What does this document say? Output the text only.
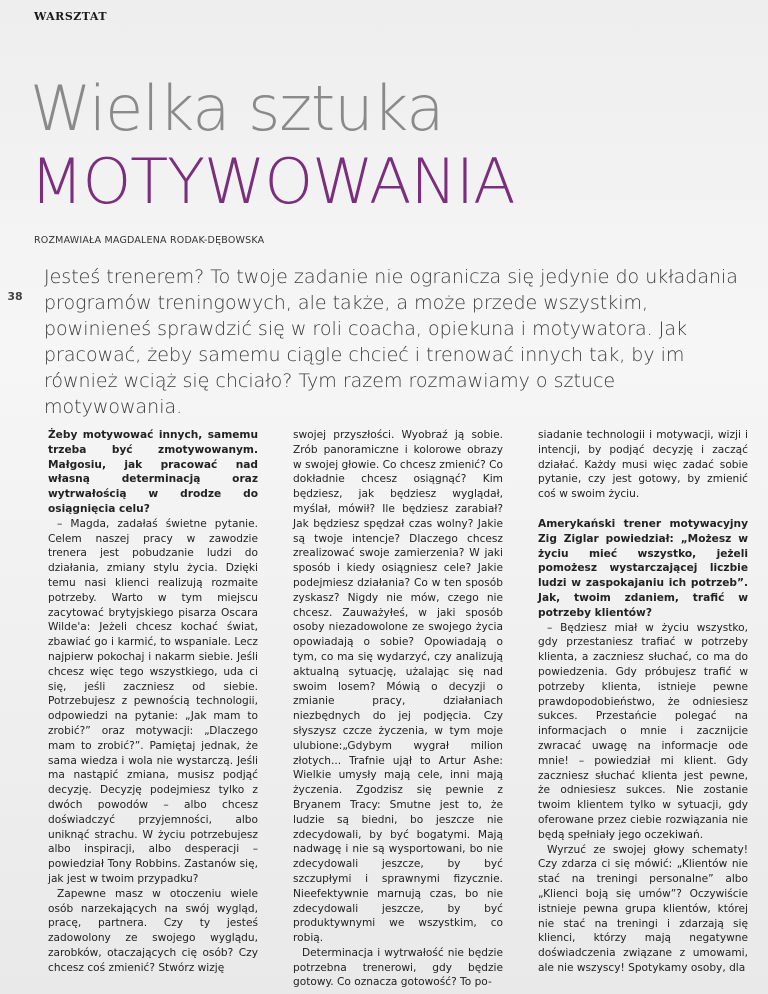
WARSZTAT
Wielka sztuka
MOTYWOWANIA
ROZMAWIAŁA MAGDALENA RODAK-DĘBOWSKA
38

Jesteś trenerem? To twoje zadanie nie ogranicza się jedynie do układania programów treningowych, ale także, a może przede wszystkim, powinieneś sprawdzić się w roli coacha, opiekuna i motywatora. Jak pracować, żeby samemu ciągle chcieć i trenować innych tak, by im również wciąż się chciało? Tym razem rozmawiamy o sztuce motywowania.

Żeby motywować innych, samemu trzeba być zmotywowanym. Małgosiu, jak pracować nad własną determinacją oraz wytrwałością w drodze do osiągnięcia celu?

– Magda, zadałaś świetne pytanie. Celem naszej pracy w zawodzie trenera jest pobudzanie ludzi do działania, zmiany stylu życia. Dzięki temu nasi klienci realizują rozmaite potrzeby. Warto w tym miejscu zacytować brytyjskiego pisarza Oscara Wilde'a: Jeżeli chcesz kochać świat, zbawiać go i karmić, to wspaniale. Lecz najpierw pokochaj i nakarm siebie. Jeśli chcesz więc tego wszystkiego, uda ci się, jeśli zaczniesz od siebie. Potrzebujesz z pewnością technologii, odpowiedzi na pytanie: „Jak mam to zrobić?” oraz motywacji: „Dlaczego mam to zrobić?”. Pamiętaj jednak, że sama wiedza i wola nie wystarczą. Jeśli ma nastąpić zmiana, musisz podjąć decyzję. Decyzję podejmiesz tylko z dwóch powodów – albo chcesz doświadczyć przyjemności, albo uniknąć strachu. W życiu potrzebujesz albo inspiracji, albo desperacji – powiedział Tony Robbins. Zastanów się, jak jest w twoim przypadku?

Zapewne masz w otoczeniu wiele osób narzekających na swój wygląd, pracę, partnera. Czy ty jesteś zadowolony ze swojego wyglądu, zarobków, otaczających cię osób? Czy chcesz coś zmienić? Stwórz wizję

swojej przyszłości. Wyobraź ją sobie. Zrób panoramiczne i kolorowe obrazy w swojej głowie. Co chcesz zmienić? Co dokładnie chcesz osiągnąć? Kim będziesz, jak będziesz wyglądał, myślał, mówił? Ile będziesz zarabiał? Jak będziesz spędzał czas wolny? Jakie są twoje intencje? Dlaczego chcesz zrealizować swoje zamierzenia? W jaki sposób i kiedy osiągniesz cele? Jakie podejmiesz działania? Co w ten sposób zyskasz? Nigdy nie mów, czego nie chcesz. Zauważyłeś, w jaki sposób osoby niezadowolone ze swojego życia opowiadają o sobie? Opowiadają o tym, co ma się wydarzyć, czy analizują aktualną sytuację, użalając się nad swoim losem? Mówią o decyzji o zmianie pracy, działaniach niezbędnych do jej podjęcia. Czy słyszysz czcze życzenia, w tym moje ulubione:„Gdybym wygrał milion złotych... Trafnie ujął to Artur Ashe: Wielkie umysły mają cele, inni mają życzenia. Zgodzisz się pewnie z Bryanem Tracy: Smutne jest to, że ludzie są biedni, bo jeszcze nie zdecydowali, by być bogatymi. Mają nadwagę i nie są wysportowani, bo nie zdecydowali jeszcze, by być szczupłymi i sprawnymi fizycznie. Nieefektywnie marnują czas, bo nie zdecydowali jeszcze, by być produktywnymi we wszystkim, co robią.

Determinacja i wytrwałość nie będzie potrzebna trenerowi, gdy będzie gotowy. Co oznacza gotowość? To po-

siadanie technologii i motywacji, wizji i intencji, by podjąć decyzję i zacząć działać. Każdy musi więc zadać sobie pytanie, czy jest gotowy, by zmienić coś w swoim życiu.

Amerykański trener motywacyjny Zig Ziglar powiedział: „Możesz w życiu mieć wszystko, jeżeli pomożesz wystarczającej liczbie ludzi w zaspokajaniu ich potrzeb”. Jak, twoim zdaniem, trafić w potrzeby klientów?

– Będziesz miał w życiu wszystko, gdy przestaniesz trafiać w potrzeby klienta, a zaczniesz słuchać, co ma do powiedzenia. Gdy próbujesz trafić w potrzeby klienta, istnieje pewne prawdopodobieństwo, że odniesiesz sukces. Przestańcie polegać na informacjach o mnie i zacznijcie zwracać uwagę na informacje ode mnie! – powiedział mi klient. Gdy zaczniesz słuchać klienta jest pewne, że odniesiesz sukces. Nie zostanie twoim klientem tylko w sytuacji, gdy oferowane przez ciebie rozwiązania nie będą spełniały jego oczekiwań.

Wyrzuć ze swojej głowy schematy! Czy zdarza ci się mówić: „Klientów nie stać na treningi personalne” albo „Klienci boją się umów”? Oczywiście istnieje pewna grupa klientów, której nie stać na treningi i zdarzają się klienci, którzy mają negatywne doświadczenia związane z umowami, ale nie wszyscy! Spotykamy osoby, dla
